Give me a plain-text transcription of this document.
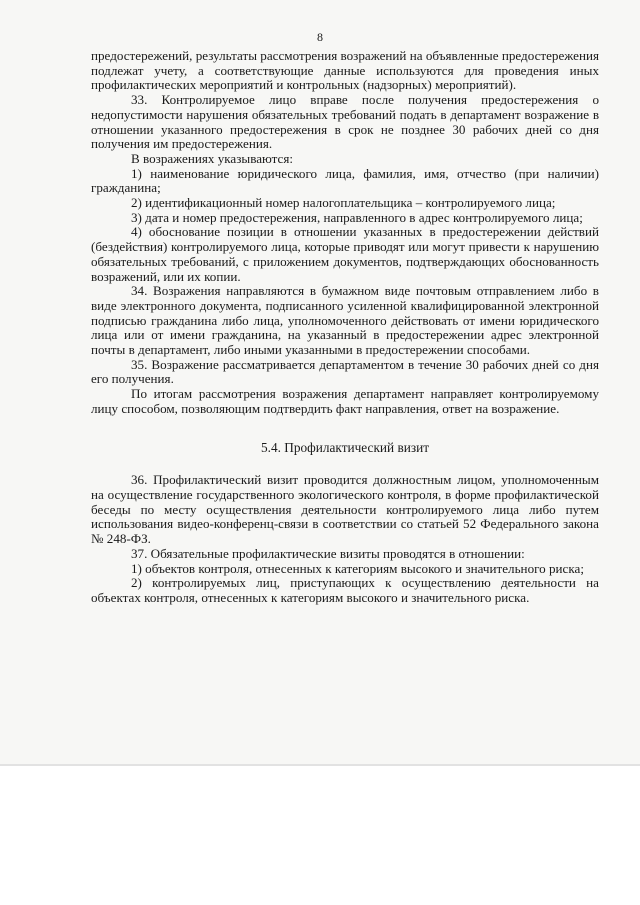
8

предостережений, результаты рассмотрения возражений на объявленные предостережения подлежат учету, а соответствующие данные используются для проведения иных профилактических мероприятий и контрольных (надзорных) мероприятий).

33. Контролируемое лицо вправе после получения предостережения о недопустимости нарушения обязательных требований подать в департамент возражение в отношении указанного предостережения в срок не позднее 30 рабочих дней со дня получения им предостережения.

В возражениях указываются:

1) наименование юридического лица, фамилия, имя, отчество (при наличии) гражданина;

2) идентификационный номер налогоплательщика – контролируемого лица;

3) дата и номер предостережения, направленного в адрес контролируемого лица;

4) обоснование позиции в отношении указанных в предостережении действий (бездействия) контролируемого лица, которые приводят или могут привести к нарушению обязательных требований, с приложением документов, подтверждающих обоснованность возражений, или их копии.

34. Возражения направляются в бумажном виде почтовым отправлением либо в виде электронного документа, подписанного усиленной квалифицированной электронной подписью гражданина либо лица, уполномоченного действовать от имени юридического лица или от имени гражданина, на указанный в предостережении адрес электронной почты в департамент, либо иными указанными в предостережении способами.

35. Возражение рассматривается департаментом в течение 30 рабочих дней со дня его получения.

По итогам рассмотрения возражения департамент направляет контролируемому лицу способом, позволяющим подтвердить факт направления, ответ на возражение.

5.4. Профилактический визит

36. Профилактический визит проводится должностным лицом, уполномоченным на осуществление государственного экологического контроля, в форме профилактической беседы по месту осуществления деятельности контролируемого лица либо путем использования видео-конференц-связи в соответствии со статьей 52 Федерального закона № 248-ФЗ.

37. Обязательные профилактические визиты проводятся в отношении:

1) объектов контроля, отнесенных к категориям высокого и значительного риска;

2) контролируемых лиц, приступающих к осуществлению деятельности на объектах контроля, отнесенных к категориям высокого и значительного риска.
